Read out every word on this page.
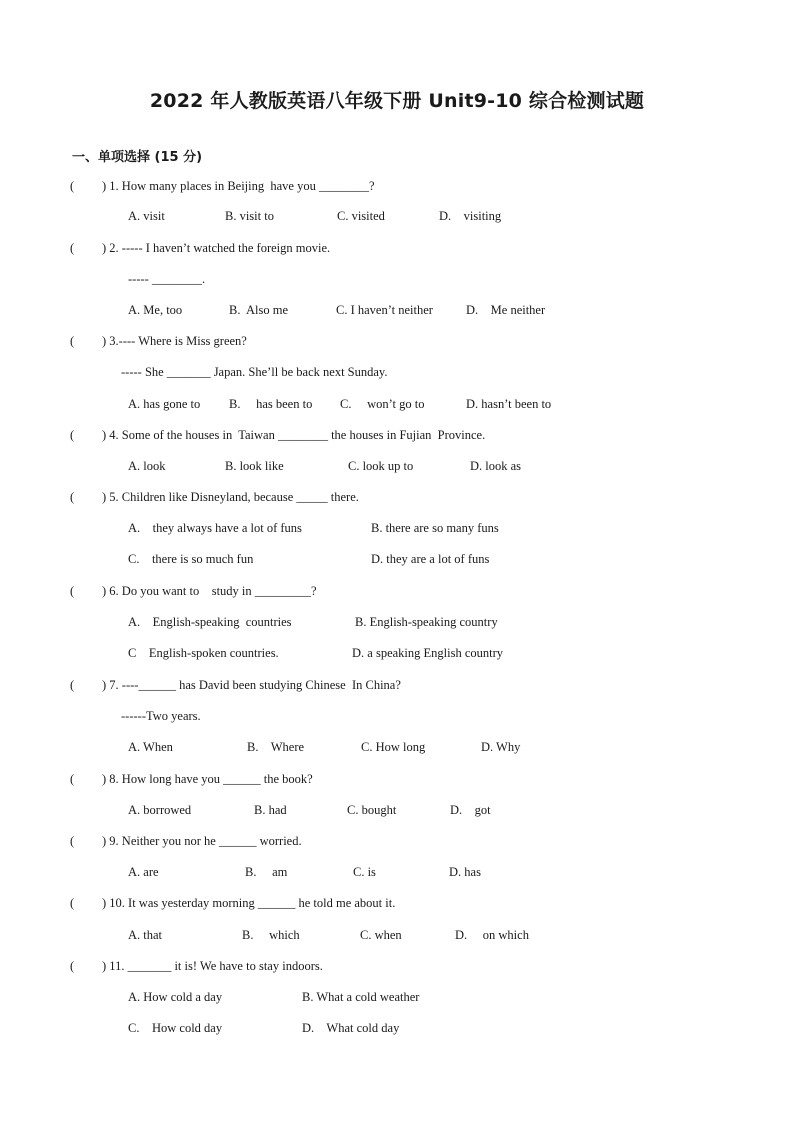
2022 年人教版英语八年级下册 Unit9-10 综合检测试题
一、单项选择 (15 分)
( ) 1. How many places in Beijing  have you ________?
A. visit	B. visit to	C. visited	D.    visiting
( ) 2. ----- I haven’t watched the foreign movie.
----- ________.
A. Me, too	B.  Also me	C. I haven’t neither	D.    Me neither
( ) 3.---- Where is Miss green?
----- She _______ Japan. She’ll be back next Sunday.
A. has gone to B.     has been to C.     won’t go to	D. hasn’t been to
( ) 4. Some of the houses in  Taiwan ________ the houses in Fujian  Province.
A. look	B. look like	C. look up to	D. look as
( ) 5. Children like Disneyland, because _____ there.
A.    they always have a lot of funs	B. there are so many funs
C.    there is so much fun	D. they are a lot of funs
( ) 6. Do you want to    study in _________?
A.    English-speaking  countries	B. English-speaking country
C    English-spoken countries.	D. a speaking English country
( ) 7. ----______ has David been studying Chinese  In China?
------Two years.
A. When	B.    Where	C. How long	D. Why
( ) 8. How long have you ______ the book?
A. borrowed	B. had	C. bought	D.    got
( ) 9. Neither you nor he ______ worried.
A. are	B.     am	C. is	D. has
( ) 10. It was yesterday morning ______ he told me about it.
A. that	B.     which	C. when	D.     on which
( ) 11. _______ it is! We have to stay indoors.
A. How cold a day	B. What a cold weather
C.    How cold day	D.    What cold day
